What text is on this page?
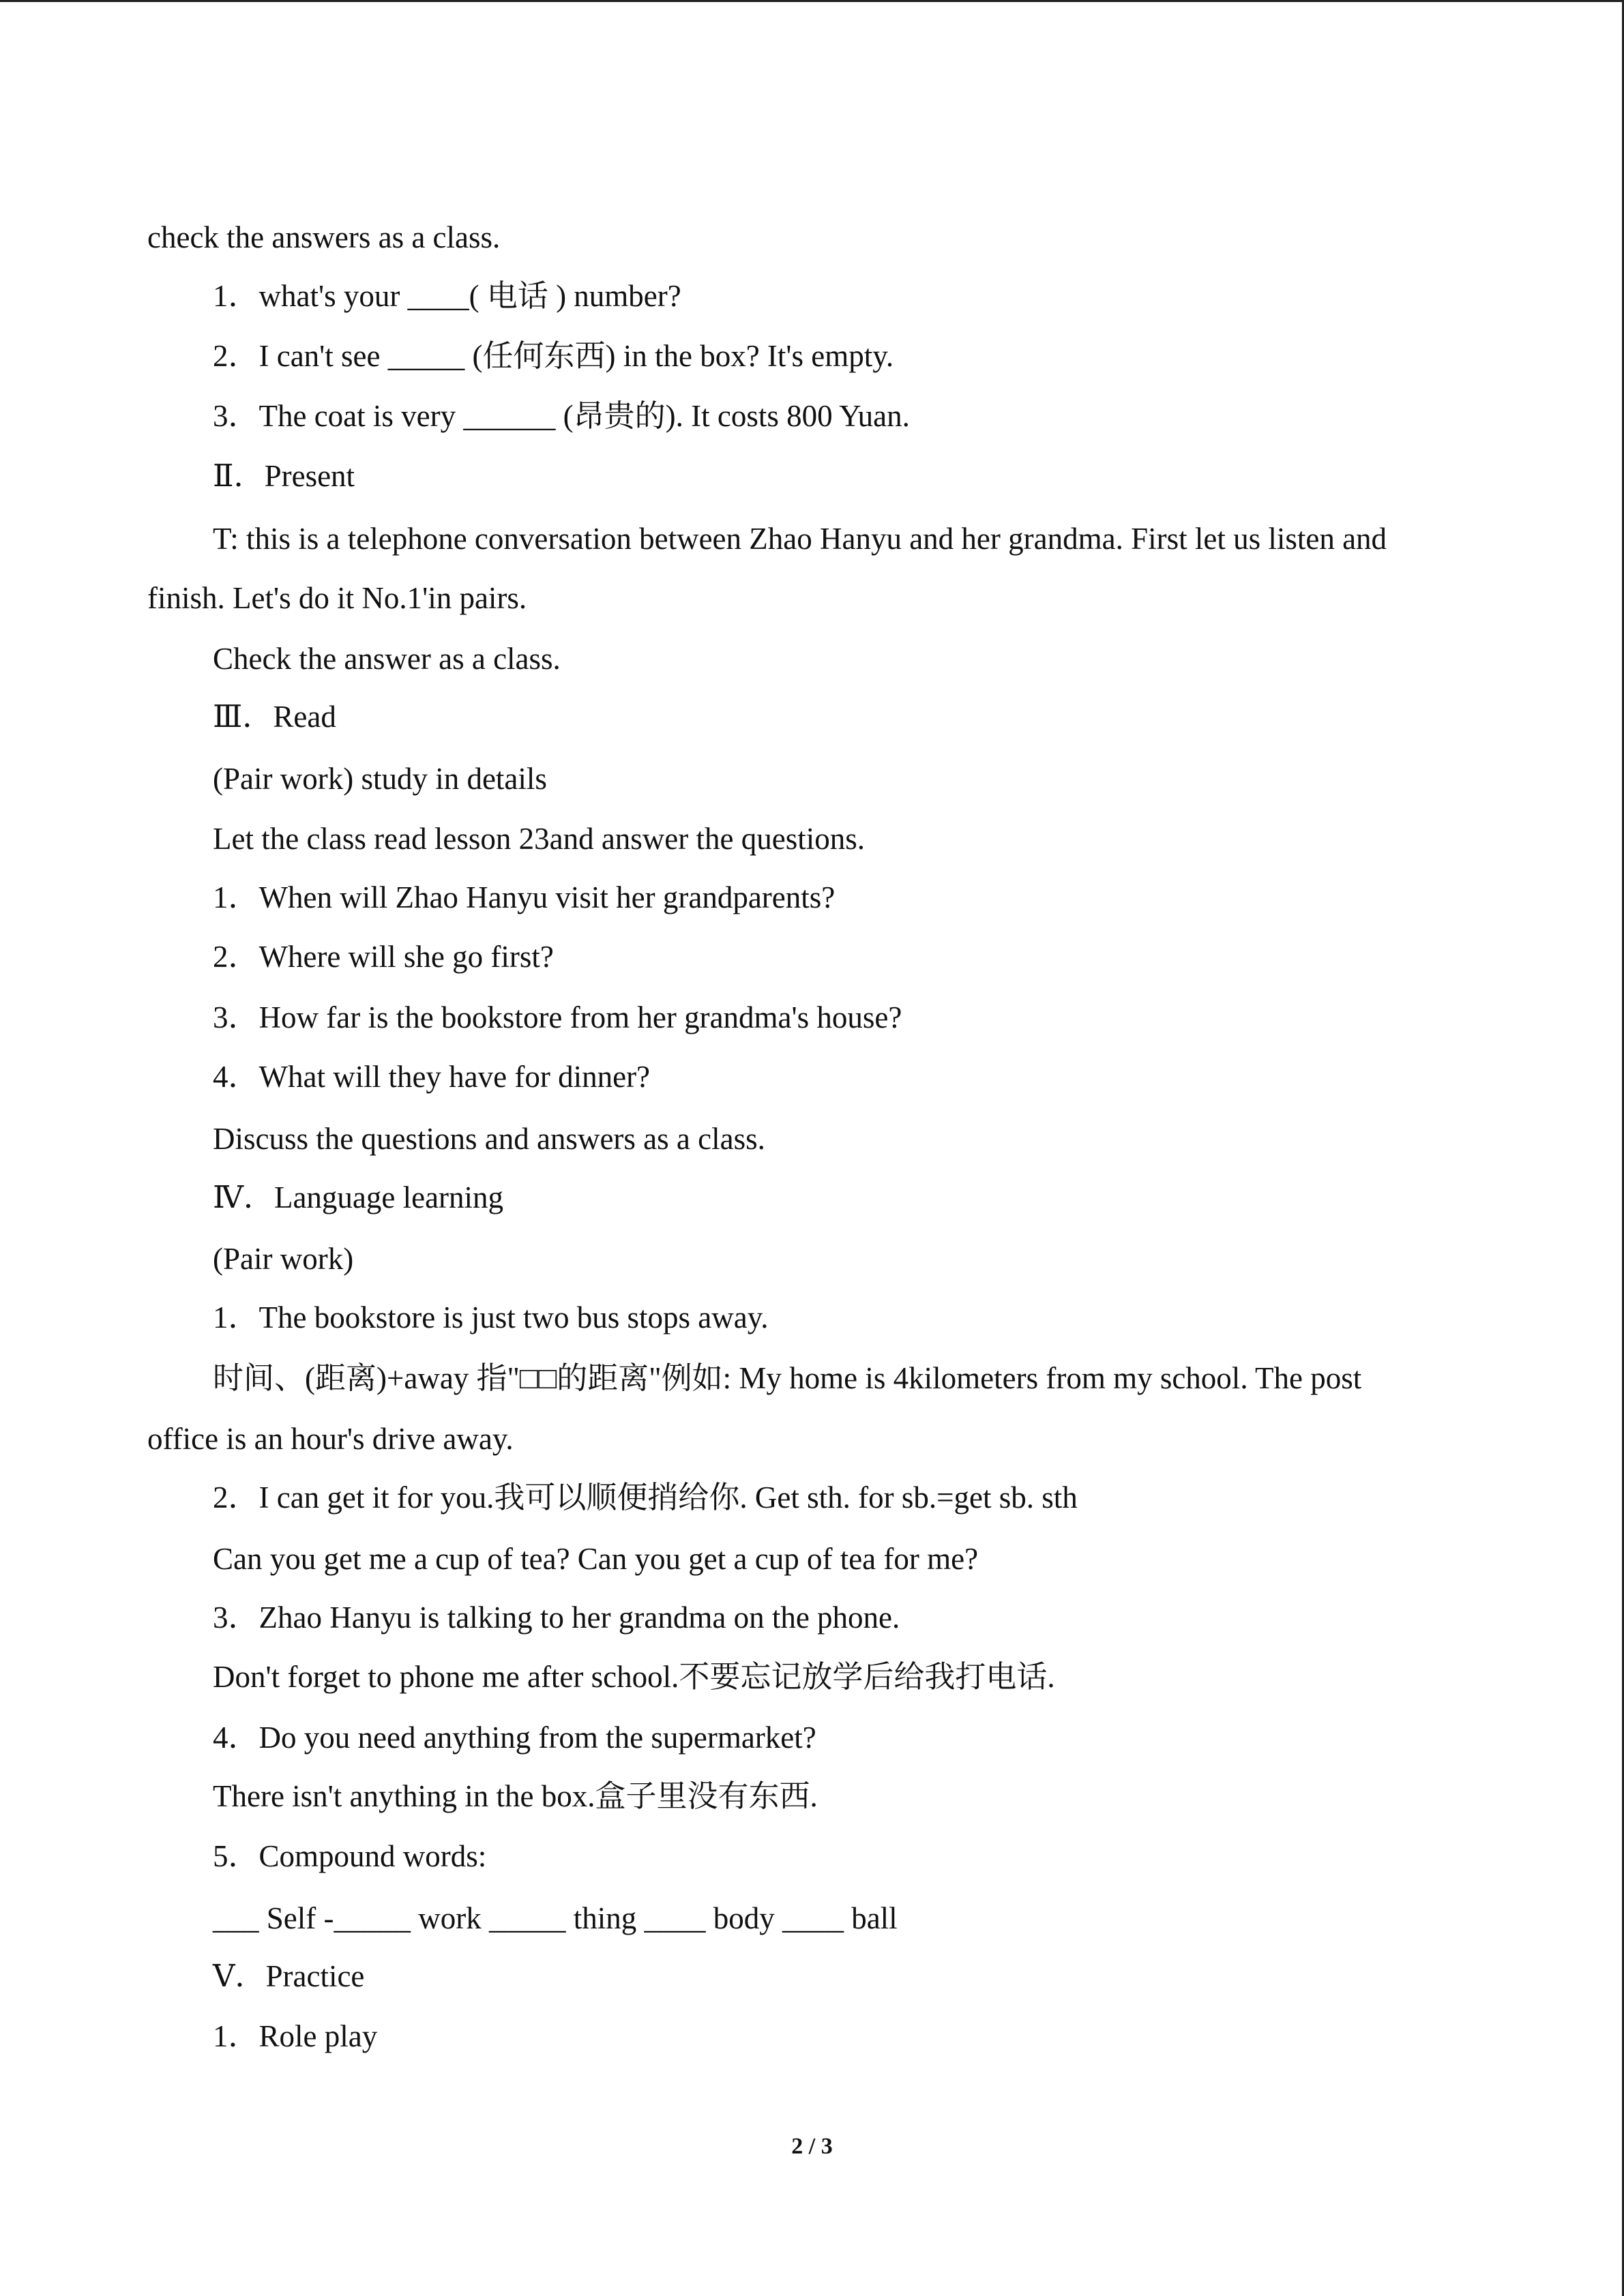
check the answers as a class.
1．what's your ____( 电话 ) number?
2．I can't see _____ (任何东西) in the box? It's empty.
3．The coat is very ______ (昂贵的). It costs 800 Yuan.
Ⅱ．Present
T: this is a telephone conversation between Zhao Hanyu and her grandma. First let us listen and
finish. Let's do it No.1'in pairs.
Check the answer as a class.
Ⅲ．Read
(Pair work) study in details
Let the class read lesson 23and answer the questions.
1．When will Zhao Hanyu visit her grandparents?
2．Where will she go first?
3．How far is the bookstore from her grandma's house?
4．What will they have for dinner?
Discuss the questions and answers as a class.
Ⅳ．Language learning
(Pair work)
1．The bookstore is just two bus stops away.
时间、(距离)+away 指"□□的距离"例如: My home is 4kilometers from my school. The post
office is an hour's drive away.
2．I can get it for you.我可以顺便捎给你. Get sth. for sb.=get sb. sth
Can you get me a cup of tea? Can you get a cup of tea for me?
3．Zhao Hanyu is talking to her grandma on the phone.
Don't forget to phone me after school.不要忘记放学后给我打电话.
4．Do you need anything from the supermarket?
There isn't anything in the box.盒子里没有东西.
5．Compound words:
___ Self -_____ work _____ thing ____ body ____ ball
Ⅴ．Practice
1．Role play
2 / 3
